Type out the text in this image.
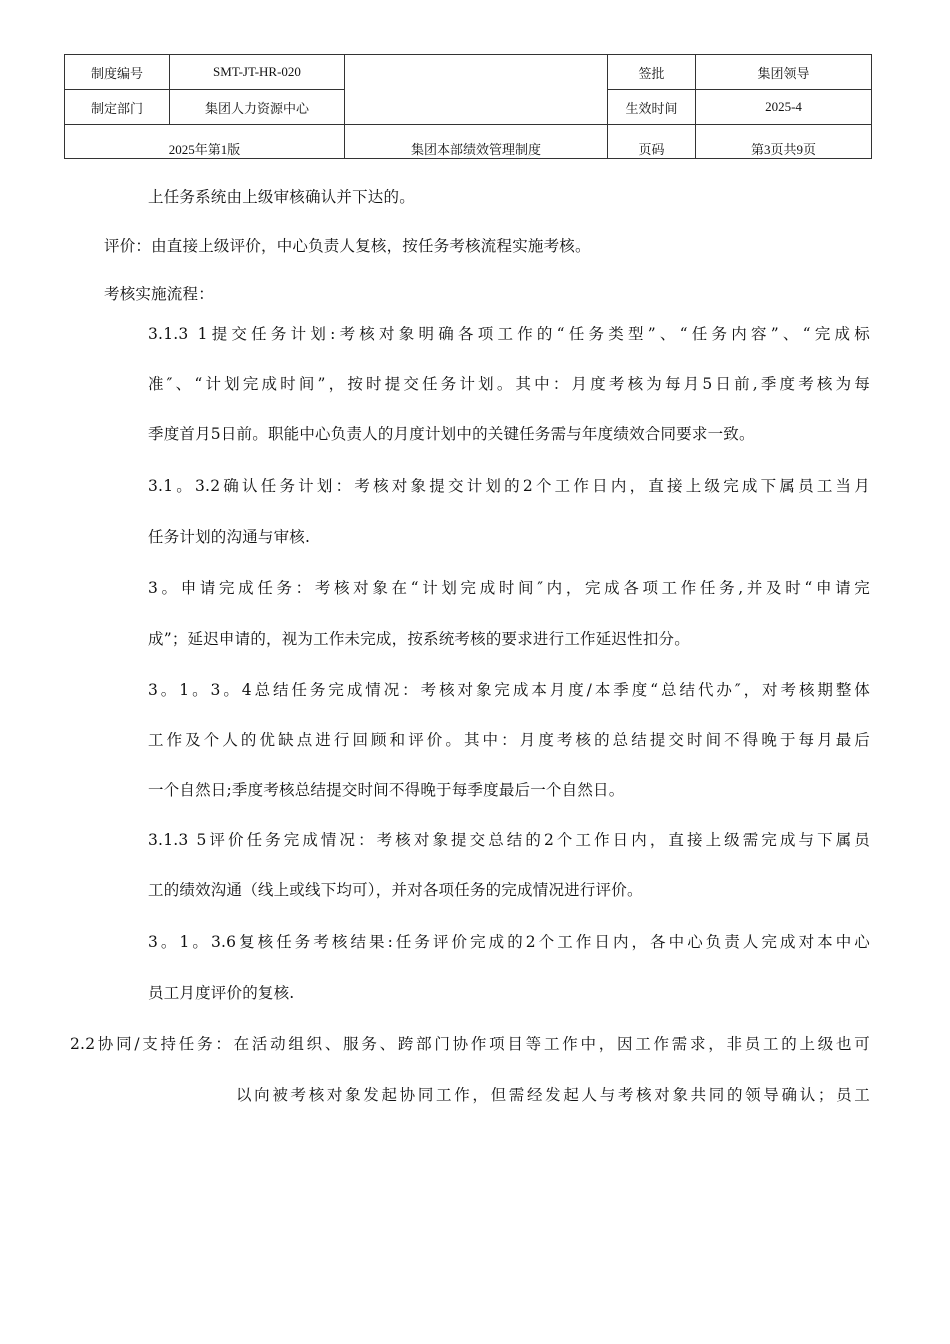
制度编号	SMT-JT-HR-020		签批	集团领导
制定部门	集团人力资源中心		生效时间	2025-4
2025年第1版		集团本部绩效管理制度	页码	第3页共9页
上任务系统由上级审核确认并下达的。
评价：由直接上级评价，中心负责人复核，按任务考核流程实施考核。
考核实施流程：
3.1.3 1提交任务计划:考核对象明确各项工作的“任务类型”、“任务内容”、“完成标
准″、“计划完成时间”，按时提交任务计划。其中：月度考核为每月5日前,季度考核为每
季度首月5日前。职能中心负责人的月度计划中的关键任务需与年度绩效合同要求一致。
3.1。3.2确认任务计划：考核对象提交计划的2个工作日内，直接上级完成下属员工当月
任务计划的沟通与审核.
3。申请完成任务：考核对象在“计划完成时间″内，完成各项工作任务,并及时“申请完
成”；延迟申请的，视为工作未完成，按系统考核的要求进行工作延迟性扣分。
3。1。3。4总结任务完成情况：考核对象完成本月度/本季度“总结代办″，对考核期整体
工作及个人的优缺点进行回顾和评价。其中：月度考核的总结提交时间不得晚于每月最后
一个自然日;季度考核总结提交时间不得晚于每季度最后一个自然日。
3.1.3 5评价任务完成情况：考核对象提交总结的2个工作日内，直接上级需完成与下属员
工的绩效沟通（线上或线下均可），并对各项任务的完成情况进行评价。
3。1。3.6复核任务考核结果:任务评价完成的2个工作日内，各中心负责人完成对本中心
员工月度评价的复核.
2.2协同/支持任务：在活动组织、服务、跨部门协作项目等工作中，因工作需求，非员工的上级也可
以向被考核对象发起协同工作，但需经发起人与考核对象共同的领导确认；员工
